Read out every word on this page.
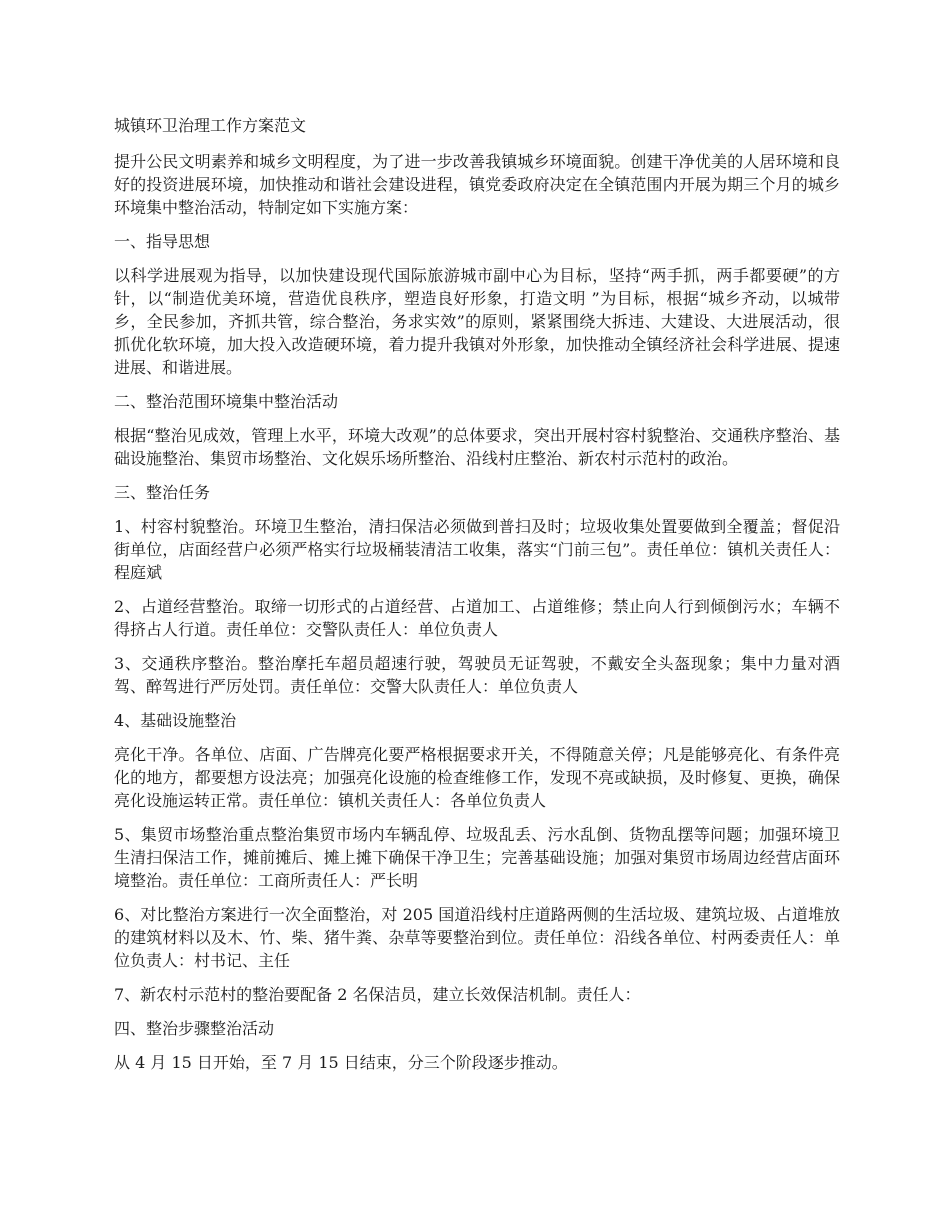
城镇环卫治理工作方案范文

提升公民文明素养和城乡文明程度，为了进一步改善我镇城乡环境面貌。创建干净优美的人居环境和良好的投资进展环境，加快推动和谐社会建设进程，镇党委政府决定在全镇范围内开展为期三个月的城乡环境集中整治活动，特制定如下实施方案：

一、指导思想

以科学进展观为指导，以加快建设现代国际旅游城市副中心为目标，坚持“两手抓，两手都要硬”的方针，以“制造优美环境，营造优良秩序，塑造良好形象，打造文明 ”为目标，根据“城乡齐动，以城带乡，全民参加，齐抓共管，综合整治，务求实效”的原则，紧紧围绕大拆违、大建设、大进展活动，很抓优化软环境，加大投入改造硬环境，着力提升我镇对外形象，加快推动全镇经济社会科学进展、提速进展、和谐进展。

二、整治范围环境集中整治活动

根据“整治见成效，管理上水平，环境大改观”的总体要求，突出开展村容村貌整治、交通秩序整治、基础设施整治、集贸市场整治、文化娱乐场所整治、沿线村庄整治、新农村示范村的政治。

三、整治任务

1、村容村貌整治。环境卫生整治，清扫保洁必须做到普扫及时；垃圾收集处置要做到全覆盖；督促沿街单位，店面经营户必须严格实行垃圾桶装清洁工收集，落实“门前三包”。责任单位：镇机关责任人：程庭斌

2、占道经营整治。取缔一切形式的占道经营、占道加工、占道维修；禁止向人行到倾倒污水；车辆不得挤占人行道。责任单位：交警队责任人：单位负责人

3、交通秩序整治。整治摩托车超员超速行驶，驾驶员无证驾驶，不戴安全头盔现象；集中力量对酒驾、醉驾进行严厉处罚。责任单位：交警大队责任人：单位负责人

4、基础设施整治

亮化干净。各单位、店面、广告牌亮化要严格根据要求开关，不得随意关停；凡是能够亮化、有条件亮化的地方，都要想方设法亮；加强亮化设施的检查维修工作，发现不亮或缺损，及时修复、更换，确保亮化设施运转正常。责任单位：镇机关责任人：各单位负责人

5、集贸市场整治重点整治集贸市场内车辆乱停、垃圾乱丢、污水乱倒、货物乱摆等问题；加强环境卫生清扫保洁工作，摊前摊后、摊上摊下确保干净卫生；完善基础设施；加强对集贸市场周边经营店面环境整治。责任单位：工商所责任人：严长明

6、对比整治方案进行一次全面整治，对 205 国道沿线村庄道路两侧的生活垃圾、建筑垃圾、占道堆放的建筑材料以及木、竹、柴、猪牛粪、杂草等要整治到位。责任单位：沿线各单位、村两委责任人：单位负责人：村书记、主任

7、新农村示范村的整治要配备 2 名保洁员，建立长效保洁机制。责任人：

四、整治步骤整治活动

从 4 月 15 日开始，至 7 月 15 日结束，分三个阶段逐步推动。
